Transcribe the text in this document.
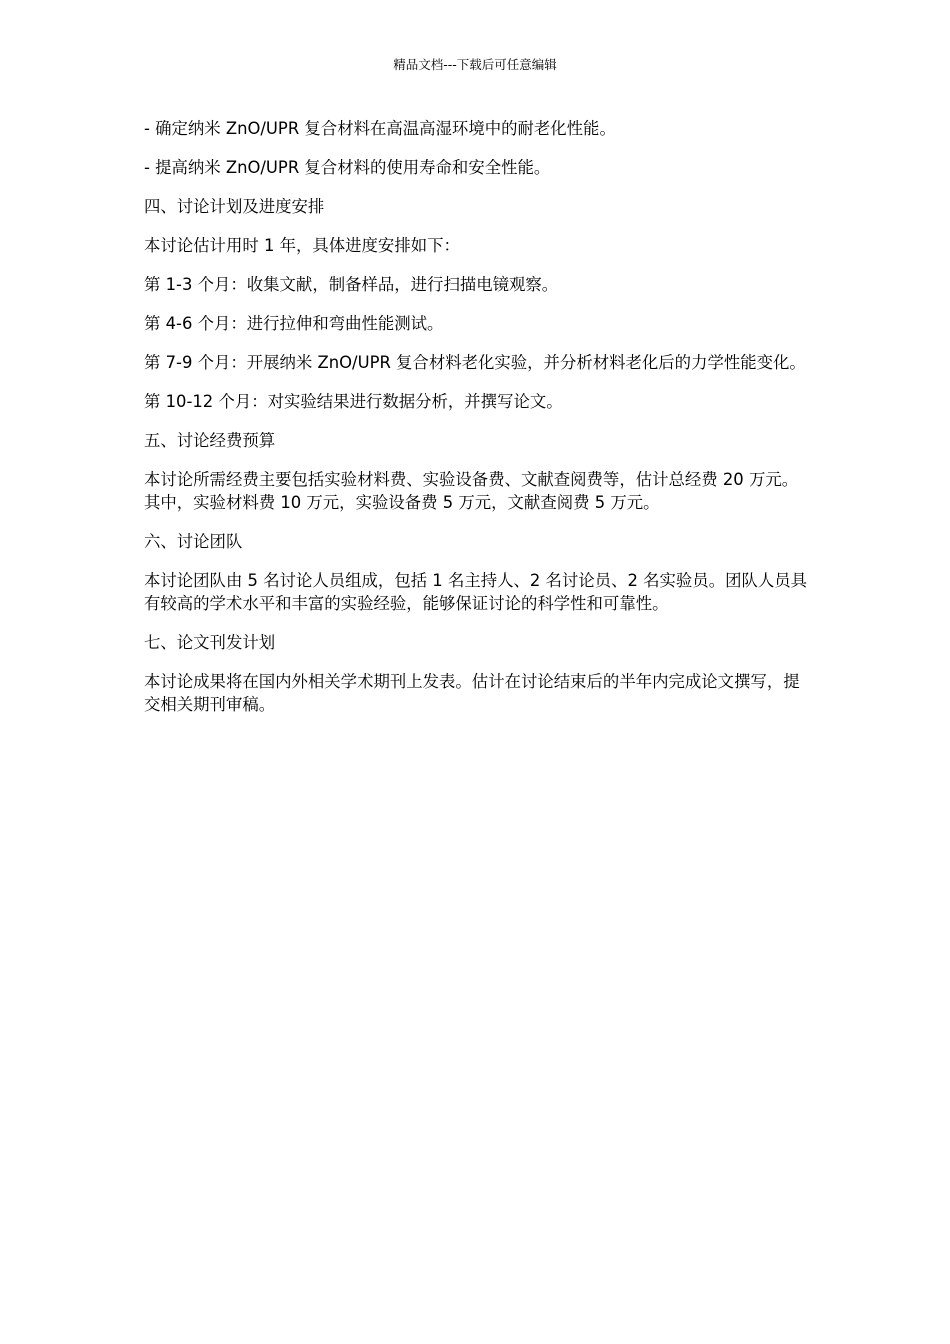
精品文档---下载后可任意编辑

- 确定纳米 ZnO/UPR 复合材料在高温高湿环境中的耐老化性能。

- 提高纳米 ZnO/UPR 复合材料的使用寿命和安全性能。

四、讨论计划及进度安排

本讨论估计用时 1 年，具体进度安排如下：

第 1-3 个月：收集文献，制备样品，进行扫描电镜观察。

第 4-6 个月：进行拉伸和弯曲性能测试。

第 7-9 个月：开展纳米 ZnO/UPR 复合材料老化实验，并分析材料老化后的力学性能变化。

第 10-12 个月：对实验结果进行数据分析，并撰写论文。

五、讨论经费预算

本讨论所需经费主要包括实验材料费、实验设备费、文献查阅费等，估计总经费 20 万元。其中，实验材料费 10 万元，实验设备费 5 万元，文献查阅费 5 万元。

六、讨论团队

本讨论团队由 5 名讨论人员组成，包括 1 名主持人、2 名讨论员、2 名实验员。团队人员具有较高的学术水平和丰富的实验经验，能够保证讨论的科学性和可靠性。

七、论文刊发计划

本讨论成果将在国内外相关学术期刊上发表。估计在讨论结束后的半年内完成论文撰写，提交相关期刊审稿。
